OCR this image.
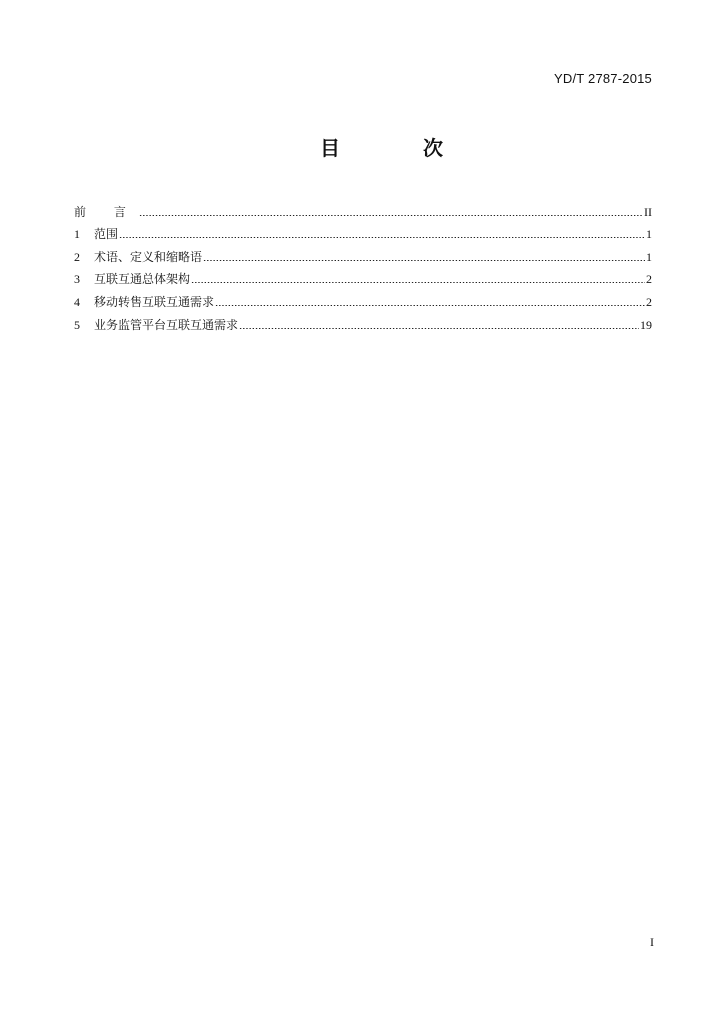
YD/T 2787-2015
目 次
前 言	II
1	范围	1
2	术语、定义和缩略语	1
3	互联互通总体架构	2
4	移动转售互联互通需求	2
5	业务监管平台互联互通需求	19
I
